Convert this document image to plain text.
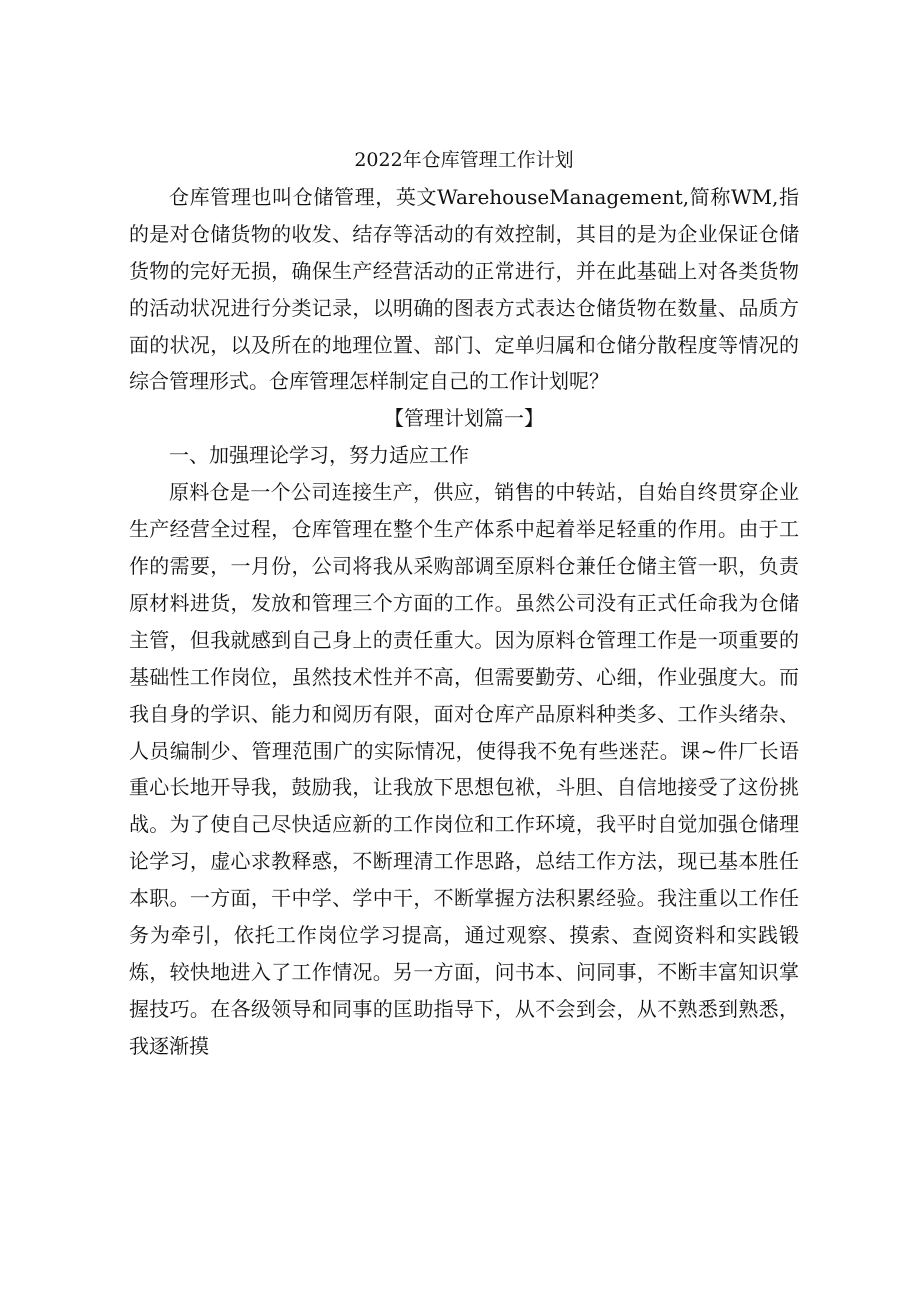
2022年仓库管理工作计划

仓库管理也叫仓储管理，英文WarehouseManagement,简称WM,指的是对仓储货物的收发、结存等活动的有效控制，其目的是为企业保证仓储货物的完好无损，确保生产经营活动的正常进行，并在此基础上对各类货物的活动状况进行分类记录，以明确的图表方式表达仓储货物在数量、品质方面的状况，以及所在的地理位置、部门、定单归属和仓储分散程度等情况的综合管理形式。仓库管理怎样制定自己的工作计划呢？

【管理计划篇一】

一、加强理论学习，努力适应工作

原料仓是一个公司连接生产，供应，销售的中转站，自始自终贯穿企业生产经营全过程，仓库管理在整个生产体系中起着举足轻重的作用。由于工作的需要，一月份，公司将我从采购部调至原料仓兼任仓储主管一职，负责原材料进货，发放和管理三个方面的工作。虽然公司没有正式任命我为仓储主管，但我就感到自己身上的责任重大。因为原料仓管理工作是一项重要的基础性工作岗位，虽然技术性并不高，但需要勤劳、心细，作业强度大。而我自身的学识、能力和阅历有限，面对仓库产品原料种类多、工作头绪杂、人员编制少、管理范围广的实际情况，使得我不免有些迷茫。课~件厂长语重心长地开导我，鼓励我，让我放下思想包袱，斗胆、自信地接受了这份挑战。为了使自己尽快适应新的工作岗位和工作环境，我平时自觉加强仓储理论学习，虚心求教释惑，不断理清工作思路，总结工作方法，现已基本胜任本职。一方面，干中学、学中干，不断掌握方法积累经验。我注重以工作任务为牵引，依托工作岗位学习提高，通过观察、摸索、查阅资料和实践锻炼，较快地进入了工作情况。另一方面，问书本、问同事，不断丰富知识掌握技巧。在各级领导和同事的匡助指导下，从不会到会，从不熟悉到熟悉，我逐渐摸
